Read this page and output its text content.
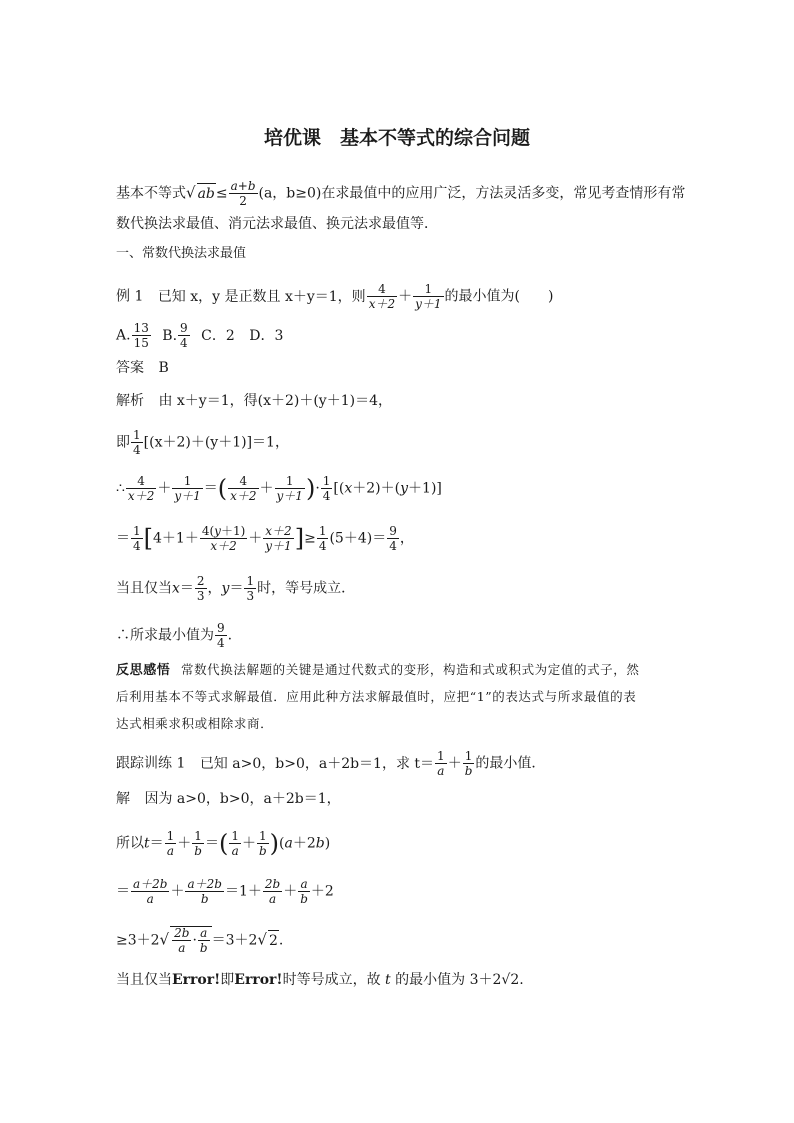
培优课　基本不等式的综合问题
基本不等式√ $ab\le \frac{a+b}{2} (a$，b≥0)在求最值中的应用广泛，方法灵活多变，常见考查情形有常
数代换法求最值、消元法求最值、换元法求最值等．
一、常数代换法求最值
例 1 已知 x，y 是正数且 x＋y＝1，则 $\frac{4}{x+2} + \frac{1}{y+1}$ 的最小值为(　　)
A. $\frac{13}{15} B$. $\frac{9}{4}$ C．2 D．3
答案 B
解析 由 x＋y＝1，得(x＋2)＋(y＋1)＝4，
即 $\frac{1}{4} [(x+2)+(y+1)]=1$，
∴ $\frac{4}{x+2} + \frac{1}{y+1}$ ＝( $\frac{4}{x+2} + \frac{1}{y+1}$ )· $\frac{1}{4} [(x+2)+(y+1)]$
＝ $\frac{1}{4} [4+1+ \frac{4(y+1)}{x+2} + \frac{x+2}{y+1}$ ]≥ $\frac{1}{4} (5+4)= \frac{9}{4}$ ，
当且仅当$x= \frac{2}{3}$ ，$y= \frac{1}{3}$ 时，等号成立．
∴所求最小值为 $\frac{9}{4}$ .
反思感悟 常数代换法解题的关键是通过代数式的变形，构造和式或积式为定值的式子，然
后利用基本不等式求解最值．应用此种方法求解最值时，应把“1”的表达式与所求最值的表
达式相乘求积或相除求商．
跟踪训练 1 已知 a>0，b>0，a＋2b＝1，求 $t= \frac{1}{a} + \frac{1}{b}$ 的最小值．
解 因为 a>0，b>0，a＋2b＝1，
所以$t= \frac{1}{a} + \frac{1}{b}$ ＝( $\frac{1}{a} + \frac{1}{b} )(a+2b)$
＝ $\frac{a+2b}{a} + \frac{a+2b}{b} =1+ \frac{2b}{a} + \frac{a}{b} +2$
$\ge 3+2√ \frac{2b}{a} \cdot \frac{a}{b} =3+2√$ 2.
当且仅当Error!即Error!时等号成立，故 t 的最小值为 3＋2√2.
